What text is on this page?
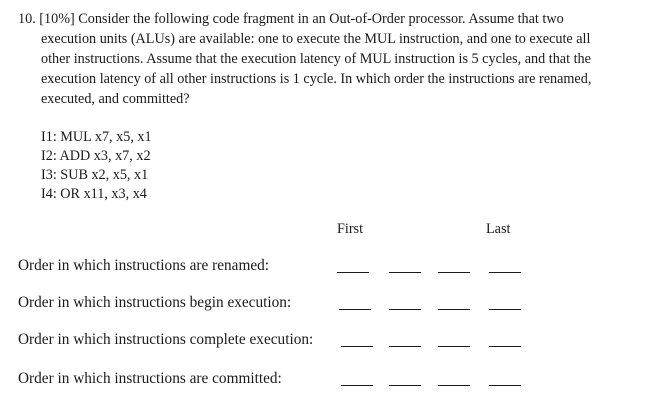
10. [10%] Consider the following code fragment in an Out-of-Order processor. Assume that two
execution units (ALUs) are available: one to execute the MUL instruction, and one to execute all
other instructions. Assume that the execution latency of MUL instruction is 5 cycles, and that the
execution latency of all other instructions is 1 cycle. In which order the instructions are renamed,
executed, and committed?
I1: MUL x7, x5, x1
I2: ADD x3, x7, x2
I3: SUB x2, x5, x1
I4: OR x11, x3, x4
First	Last
Order in which instructions are renamed:
Order in which instructions begin execution:
Order in which instructions complete execution:
Order in which instructions are committed:
